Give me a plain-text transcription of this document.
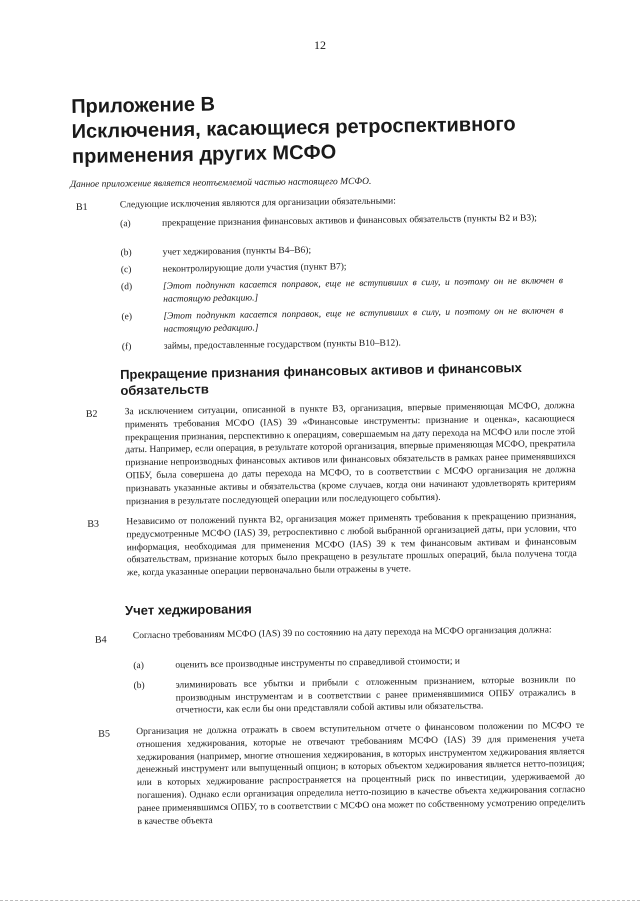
12
Приложение В
Исключения, касающиеся ретроспективного
применения других МСФО
Данное приложение является неотъемлемой частью настоящего МСФО.
B1	Следующие исключения являются для организации обязательными:
(a)	прекращение признания финансовых активов и финансовых обязательств (пункты B2 и B3);
(b)	учет хеджирования (пункты B4–B6);
(c)	неконтролирующие доли участия (пункт B7);
(d)	[Этот подпункт касается поправок, еще не вступивших в силу, и поэтому он не включен в настоящую редакцию.]
(e)	[Этот подпункт касается поправок, еще не вступивших в силу, и поэтому он не включен в настоящую редакцию.]
(f)	займы, предоставленные государством (пункты B10–B12).
Прекращение признания финансовых активов и финансовых
обязательств
B2	За исключением ситуации, описанной в пункте B3, организация, впервые применяющая МСФО, должна применять требования МСФО (IAS) 39 «Финансовые инструменты: признание и оценка», касающиеся прекращения признания, перспективно к операциям, совершаемым на дату перехода на МСФО или после этой даты. Например, если операция, в результате которой организация, впервые применяющая МСФО, прекратила признание непроизводных финансовых активов или финансовых обязательств в рамках ранее применявшихся ОПБУ, была совершена до даты перехода на МСФО, то в соответствии с МСФО организация не должна признавать указанные активы и обязательства (кроме случаев, когда они начинают удовлетворять критериям признания в результате последующей операции или последующего события).
B3	Независимо от положений пункта B2, организация может применять требования к прекращению признания, предусмотренные МСФО (IAS) 39, ретроспективно с любой выбранной организацией даты, при условии, что информация, необходимая для применения МСФО (IAS) 39 к тем финансовым активам и финансовым обязательствам, признание которых было прекращено в результате прошлых операций, была получена тогда же, когда указанные операции первоначально были отражены в учете.
Учет хеджирования
B4	Согласно требованиям МСФО (IAS) 39 по состоянию на дату перехода на МСФО организация должна:
(a)	оценить все производные инструменты по справедливой стоимости; и
(b)	элиминировать все убытки и прибыли с отложенным признанием, которые возникли по производным инструментам и в соответствии с ранее применявшимися ОПБУ отражались в отчетности, как если бы они представляли собой активы или обязательства.
B5	Организация не должна отражать в своем вступительном отчете о финансовом положении по МСФО те отношения хеджирования, которые не отвечают требованиям МСФО (IAS) 39 для применения учета хеджирования (например, многие отношения хеджирования, в которых инструментом хеджирования является денежный инструмент или выпущенный опцион; в которых объектом хеджирования является нетто-позиция; или в которых хеджирование распространяется на процентный риск по инвестиции, удерживаемой до погашения). Однако если организация определила нетто-позицию в качестве объекта хеджирования согласно ранее применявшимся ОПБУ, то в соответствии с МСФО она может по собственному усмотрению определить в качестве объекта
